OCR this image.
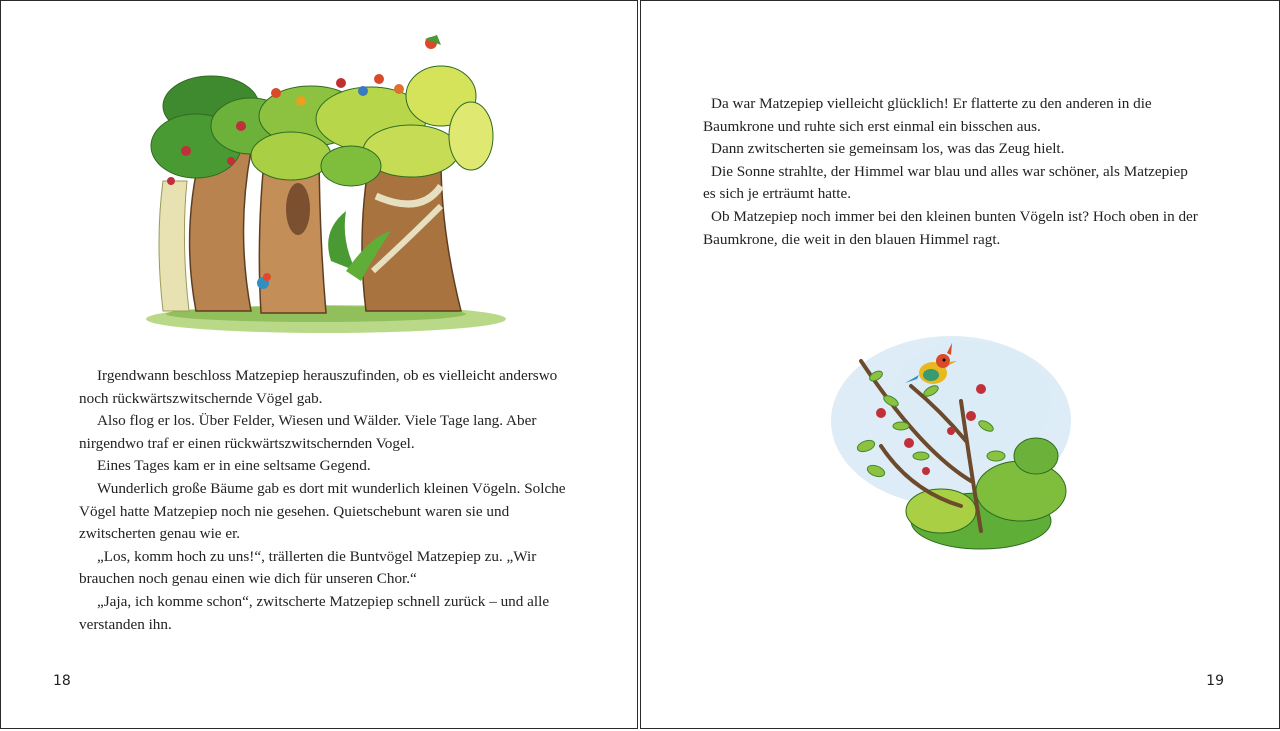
Irgendwann beschloss Matzepiep herauszufinden, ob es vielleicht anderswo noch rückwärtszwitschernde Vögel gab.

Also flog er los. Über Felder, Wiesen und Wälder. Viele Tage lang. Aber nirgendwo traf er einen rückwärtszwitschernden Vogel.

Eines Tages kam er in eine seltsame Gegend.

Wunderlich große Bäume gab es dort mit wunderlich kleinen Vögeln. Solche Vögel hatte Matzepiep noch nie gesehen. Quietschebunt waren sie und zwitscherten genau wie er.

„Los, komm hoch zu uns!“, trällerten die Buntvögel Matzepiep zu. „Wir brauchen noch genau einen wie dich für unseren Chor.“

„Jaja, ich komme schon“, zwitscherte Matzepiep schnell zurück – und alle verstanden ihn.

18

Da war Matzepiep vielleicht glücklich! Er flatterte zu den anderen in die Baumkrone und ruhte sich erst einmal ein bisschen aus.

Dann zwitscherten sie gemeinsam los, was das Zeug hielt.

Die Sonne strahlte, der Himmel war blau und alles war schöner, als Matzepiep es sich je erträumt hatte.

Ob Matzepiep noch immer bei den kleinen bunten Vögeln ist? Hoch oben in der Baumkrone, die weit in den blauen Himmel ragt.

19
